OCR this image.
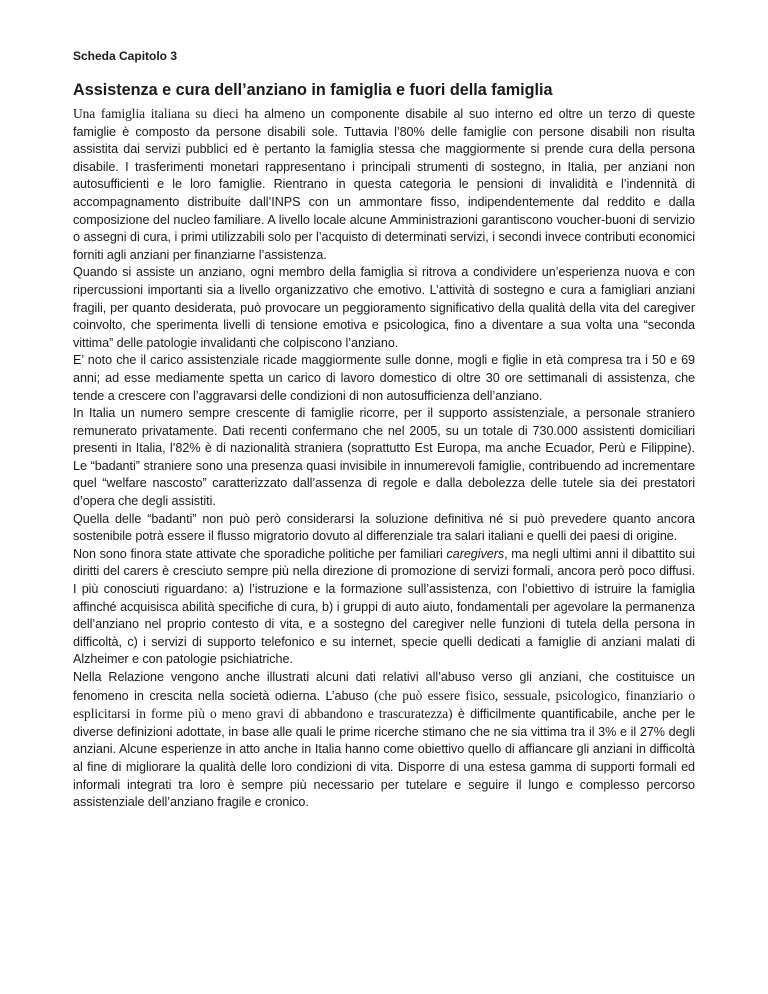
Scheda Capitolo 3
Assistenza e cura dell’anziano in famiglia e fuori della famiglia
Una famiglia italiana su dieci ha almeno un componente disabile al suo interno ed oltre un terzo di queste famiglie è composto da persone disabili sole. Tuttavia l’80% delle famiglie con persone disabili non risulta assistita dai servizi pubblici ed è pertanto la famiglia stessa che maggiormente si prende cura della persona disabile. I trasferimenti monetari rappresentano i principali strumenti di sostegno, in Italia, per anziani non autosufficienti e le loro famiglie. Rientrano in questa categoria le pensioni di invalidità e l’indennità di accompagnamento distribuite dall’INPS con un ammontare fisso, indipendentemente dal reddito e dalla composizione del nucleo familiare. A livello locale alcune Amministrazioni garantiscono voucher-buoni di servizio o assegni di cura, i primi utilizzabili solo per l’acquisto di determinati servizi, i secondi invece contributi economici forniti agli anziani per finanziarne l’assistenza.
Quando si assiste un anziano, ogni membro della famiglia si ritrova a condividere un’esperienza nuova e con ripercussioni importanti sia a livello organizzativo che emotivo. L’attività di sostegno e cura a famigliari anziani fragili, per quanto desiderata, può provocare un peggioramento significativo della qualità della vita del caregiver coinvolto, che sperimenta livelli di tensione emotiva e psicologica, fino a diventare a sua volta una “seconda vittima” delle patologie invalidanti che colpiscono l’anziano.
E’ noto che il carico assistenziale ricade maggiormente sulle donne, mogli e figlie in età compresa tra i 50 e 69 anni; ad esse mediamente spetta un carico di lavoro domestico di oltre 30 ore settimanali di assistenza, che tende a crescere con l’aggravarsi delle condizioni di non autosufficienza dell’anziano.
In Italia un numero sempre crescente di famiglie ricorre, per il supporto assistenziale, a personale straniero remunerato privatamente. Dati recenti confermano che nel 2005, su un totale di 730.000 assistenti domiciliari presenti in Italia, l’82% è di nazionalità straniera (soprattutto Est Europa, ma anche Ecuador, Perù e Filippine). Le “badanti” straniere sono una presenza quasi invisibile in innumerevoli famiglie, contribuendo ad incrementare quel “welfare nascosto” caratterizzato dall’assenza di regole e dalla debolezza delle tutele sia dei prestatori d’opera che degli assistiti.
Quella delle “badanti” non può però considerarsi la soluzione definitiva né si può prevedere quanto ancora sostenibile potrà essere il flusso migratorio dovuto al differenziale tra salari italiani e quelli dei paesi di origine.
Non sono finora state attivate che sporadiche politiche per familiari caregivers, ma negli ultimi anni il dibattito sui diritti del carers è cresciuto sempre più nella direzione di promozione di servizi formali, ancora però poco diffusi. I più conosciuti riguardano: a) l’istruzione e la formazione sull’assistenza, con l’obiettivo di istruire la famiglia affinché acquisisca abilità specifiche di cura, b) i gruppi di auto aiuto, fondamentali per agevolare la permanenza dell’anziano nel proprio contesto di vita, e a sostegno del caregiver nelle funzioni di tutela della persona in difficoltà, c) i servizi di supporto telefonico e su internet, specie quelli dedicati a famiglie di anziani malati di Alzheimer e con patologie psichiatriche.
Nella Relazione vengono anche illustrati alcuni dati relativi all’abuso verso gli anziani, che costituisce un fenomeno in crescita nella società odierna. L’abuso (che può essere fisico, sessuale, psicologico, finanziario o esplicitarsi in forme più o meno gravi di abbandono e trascuratezza) è difficilmente quantificabile, anche per le diverse definizioni adottate, in base alle quali le prime ricerche stimano che ne sia vittima tra il 3% e il 27% degli anziani. Alcune esperienze in atto anche in Italia hanno come obiettivo quello di affiancare gli anziani in difficoltà al fine di migliorare la qualità delle loro condizioni di vita. Disporre di una estesa gamma di supporti formali ed informali integrati tra loro è sempre più necessario per tutelare e seguire il lungo e complesso percorso assistenziale dell’anziano fragile e cronico.
